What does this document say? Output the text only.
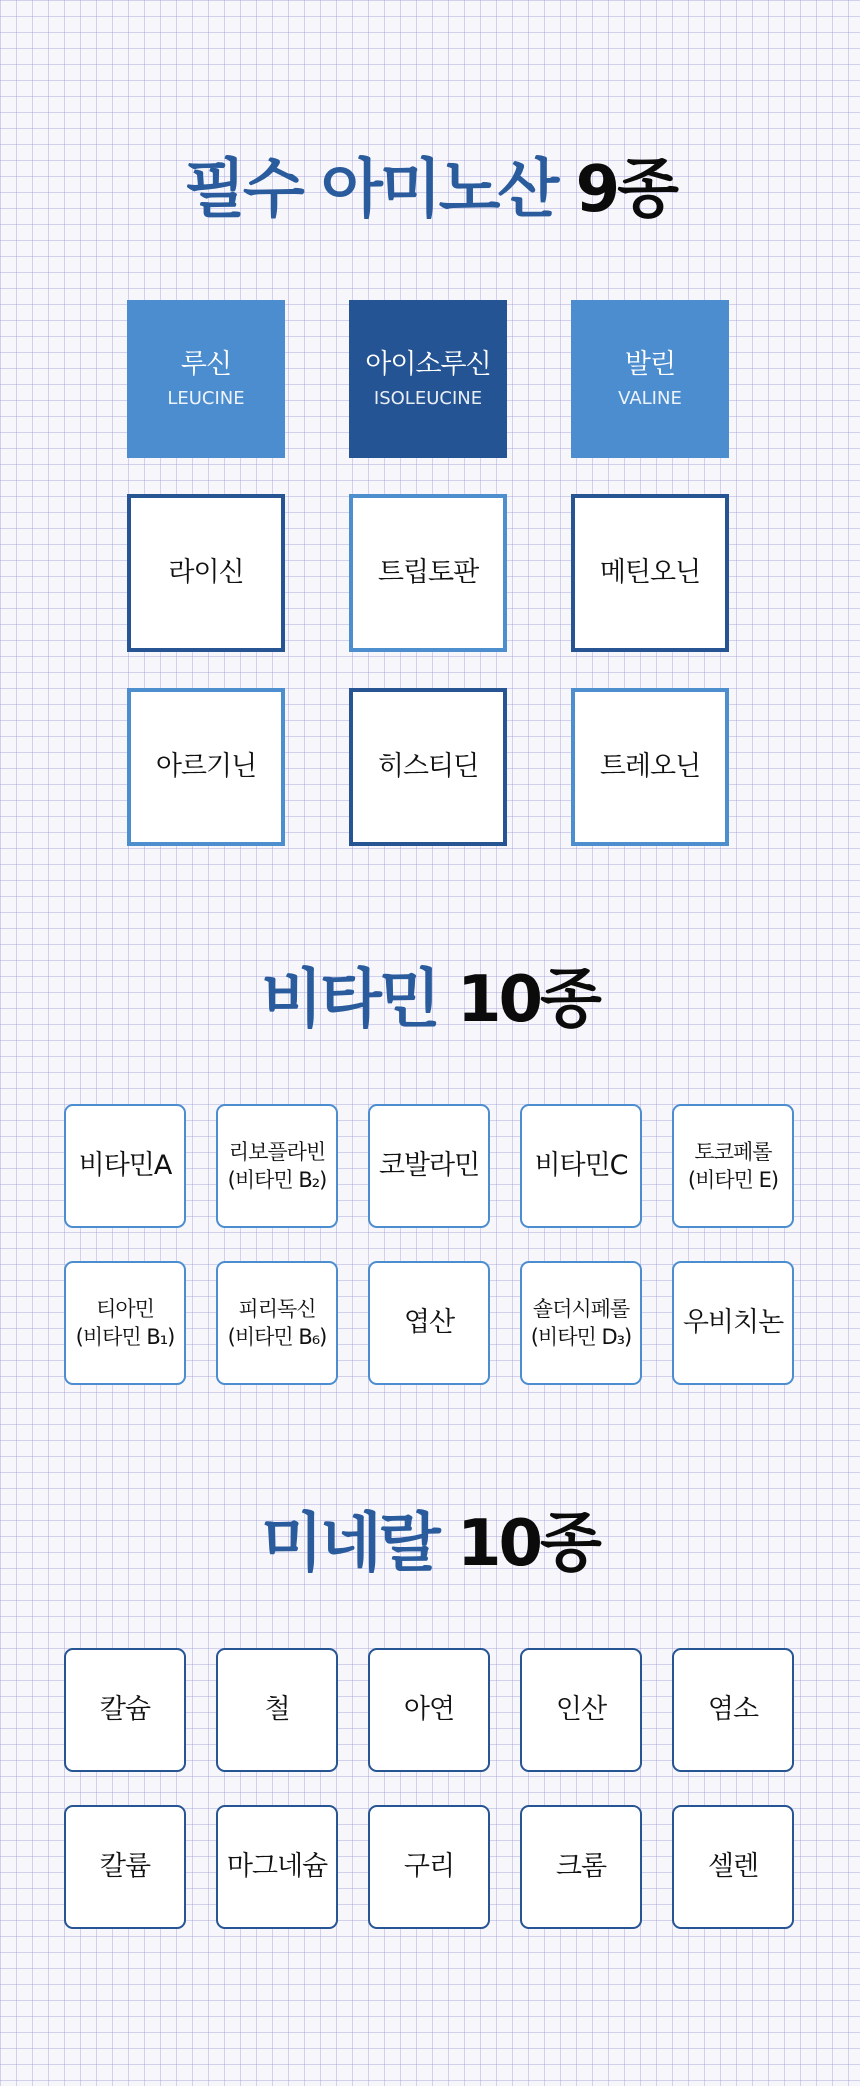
필수 아미노산 9종
루신
LEUCINE
아이소루신
ISOLEUCINE
발린
VALINE
라이신	트립토판	메틴오닌
아르기닌	히스티딘	트레오닌
비타민 10종
비타민A	리보플라빈
(비타민 B₂) 코발라민 비타민C	토코페롤
(비타민 E)
티아민
(비타민 B₁)
피리독신
(비타민 B₆)	엽산	숄더시페롤
(비타민 D₃) 우비치논
미네랄 10종
칼슘	철	아연	인산	염소
칼륨	마그네슘	구리	크롬	셀렌
